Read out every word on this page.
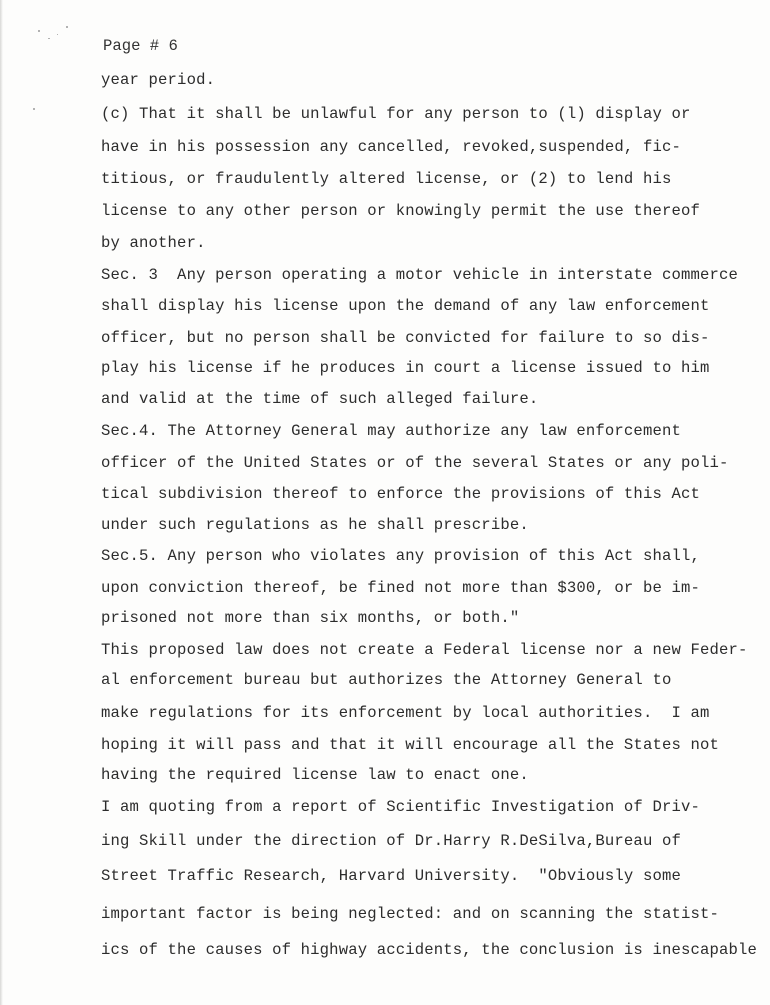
Page # 6
year period.
(c) That it shall be unlawful for any person to (l) display or
have in his possession any cancelled, revoked,suspended, fic-
titious, or fraudulently altered license, or (2) to lend his
license to any other person or knowingly permit the use thereof
by another.
Sec. 3  Any person operating a motor vehicle in interstate commerce
shall display his license upon the demand of any law enforcement
officer, but no person shall be convicted for failure to so dis-
play his license if he produces in court a license issued to him
and valid at the time of such alleged failure.
Sec.4. The Attorney General may authorize any law enforcement
officer of the United States or of the several States or any poli-
tical subdivision thereof to enforce the provisions of this Act
under such regulations as he shall prescribe.
Sec.5. Any person who violates any provision of this Act shall,
upon conviction thereof, be fined not more than $300, or be im-
prisoned not more than six months, or both."
This proposed law does not create a Federal license nor a new Feder-
al enforcement bureau but authorizes the Attorney General to
make regulations for its enforcement by local authorities.  I am
hoping it will pass and that it will encourage all the States not
having the required license law to enact one.
I am quoting from a report of Scientific Investigation of Driv-
ing Skill under the direction of Dr.Harry R.DeSilva,Bureau of
Street Traffic Research, Harvard University.  "Obviously some
important factor is being neglected: and on scanning the statist-
ics of the causes of highway accidents, the conclusion is inescapable
